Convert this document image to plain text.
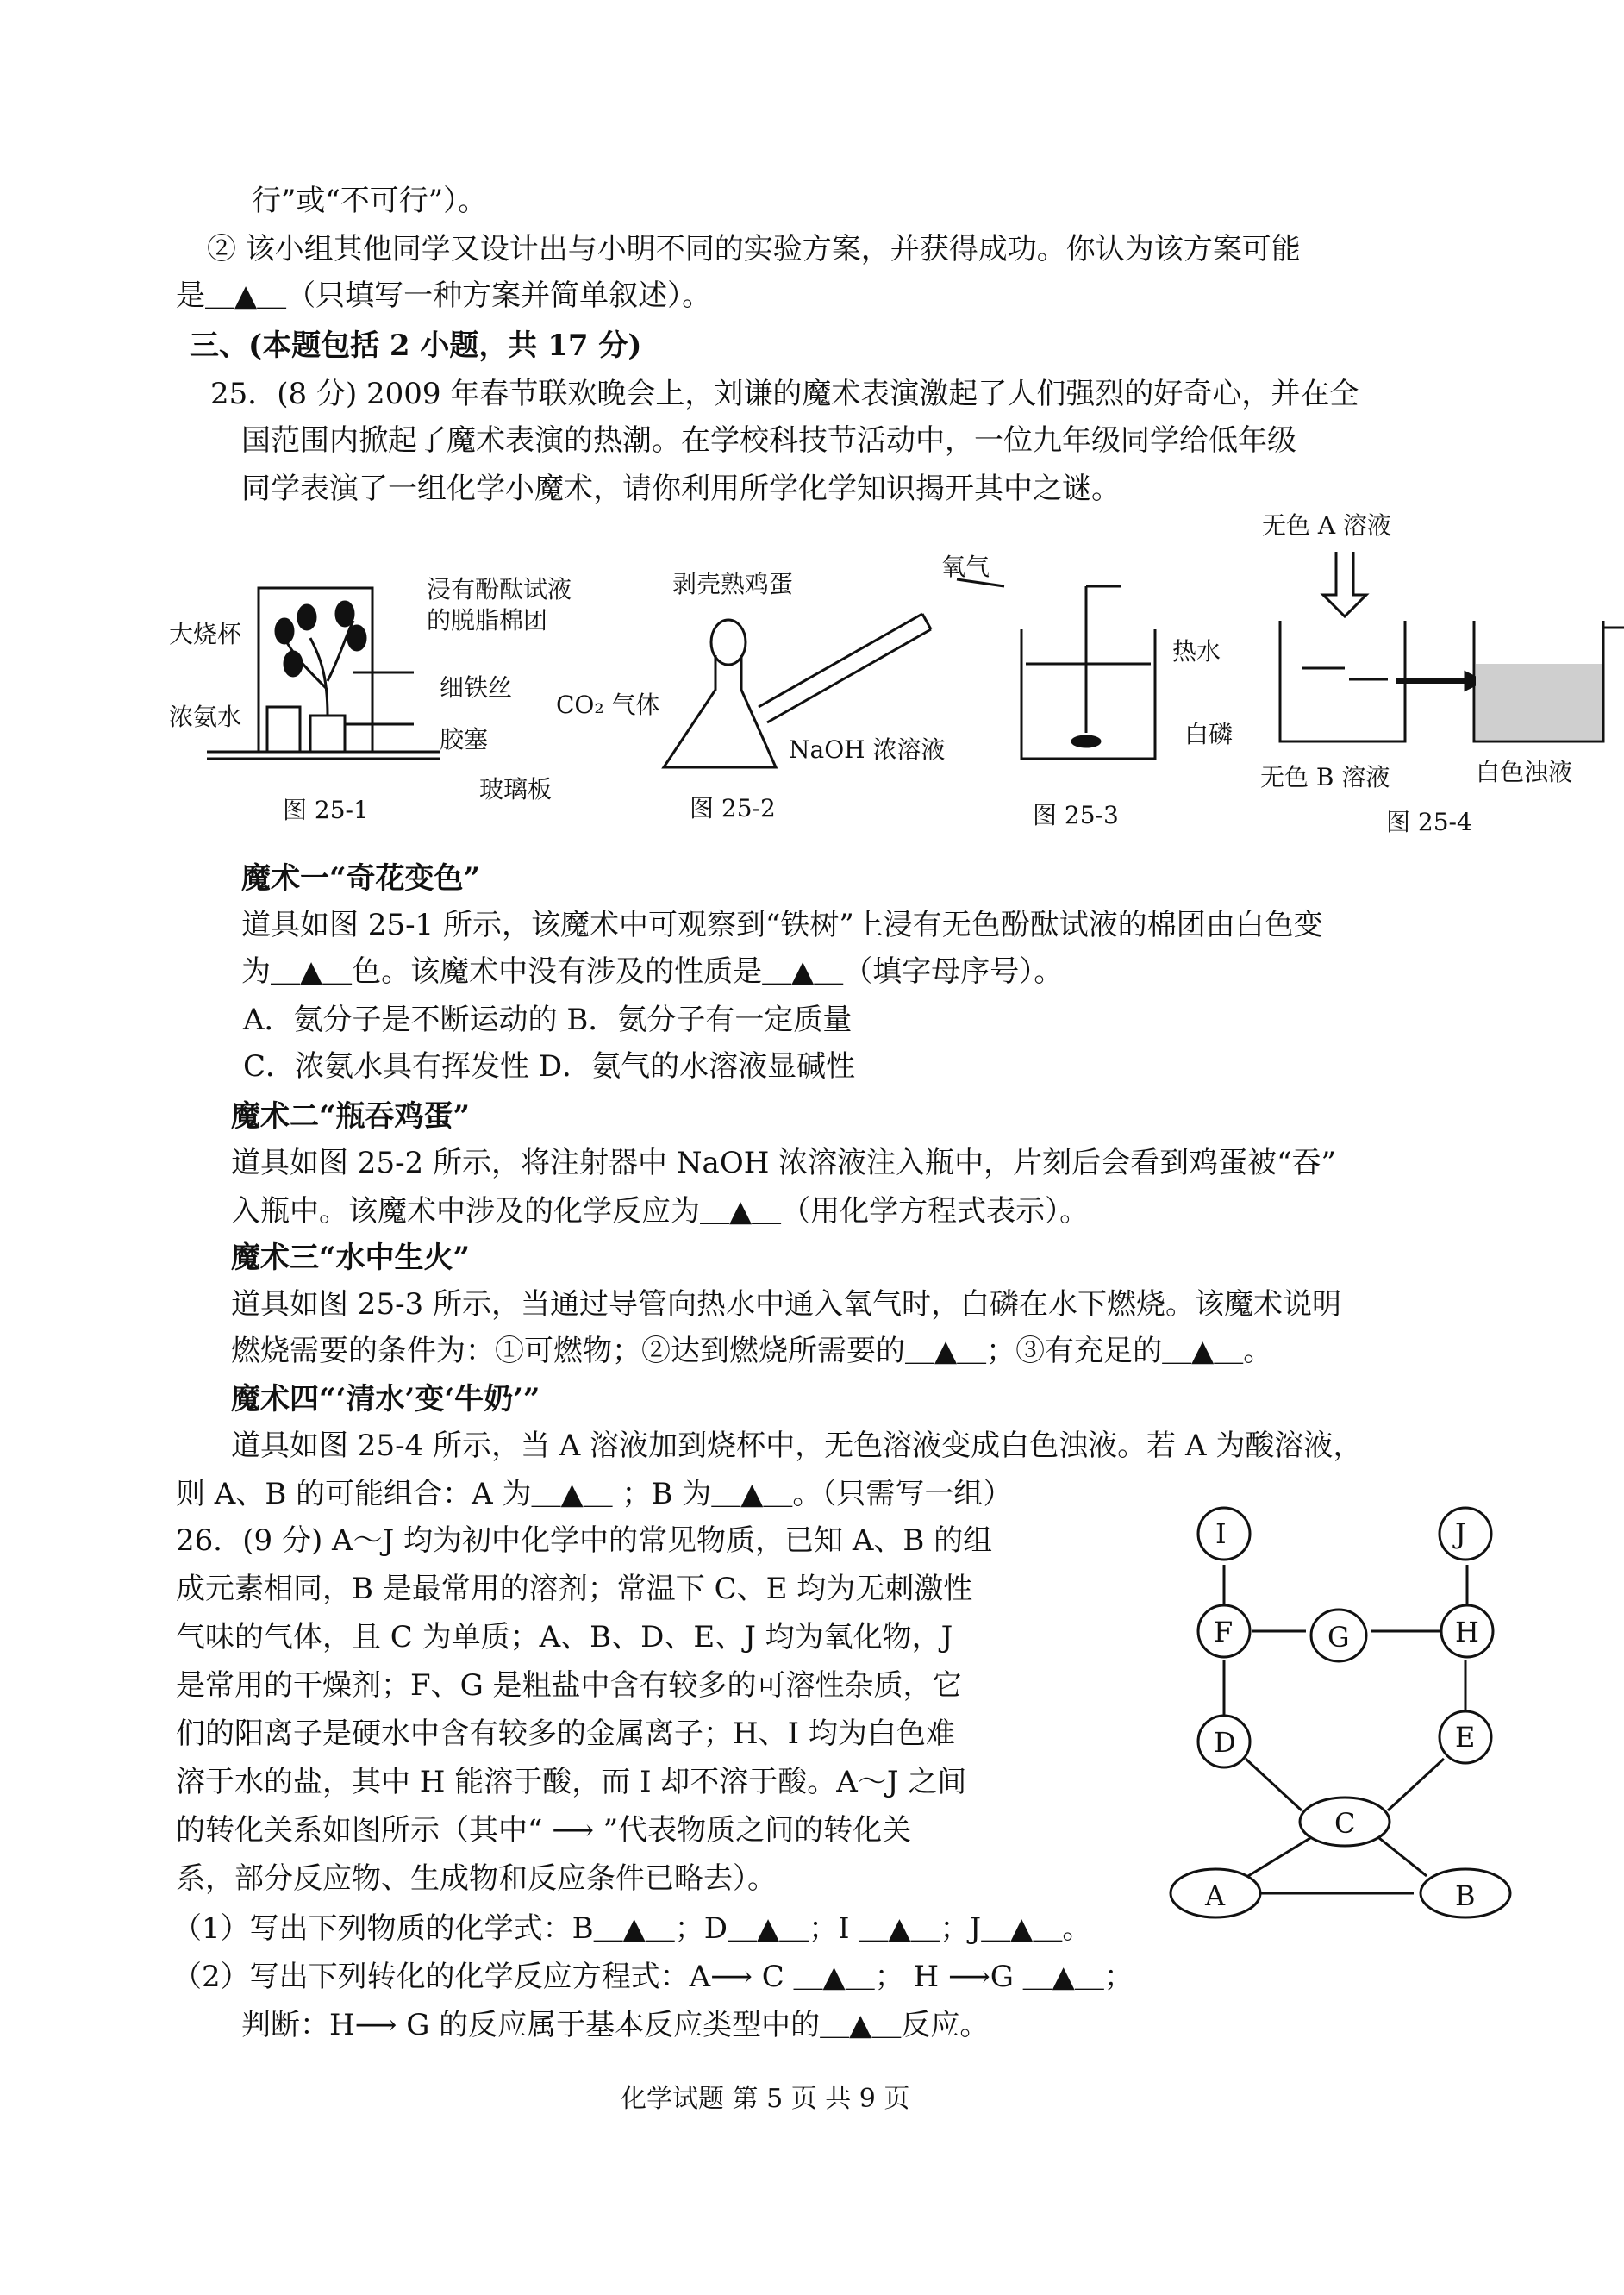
行”或“不可行”）。
② 该小组其他同学又设计出与小明不同的实验方案，并获得成功。你认为该方案可能
是＿▲＿（只填写一种方案并简单叙述）。
三、(本题包括 2 小题，共 17 分)
25．(8 分) 2009 年春节联欢晚会上，刘谦的魔术表演激起了人们强烈的好奇心，并在全
国范围内掀起了魔术表演的热潮。在学校科技节活动中，一位九年级同学给低年级
同学表演了一组化学小魔术，请你利用所学化学知识揭开其中之谜。
大烧杯
浸有酚酞试液
的脱脂棉团
细铁丝
浓氨水
胶塞
玻璃板
图 25-1
剥壳熟鸡蛋
CO₂ 气体
NaOH 浓溶液
图 25-2
氧气
热水
白磷
图 25-3
无色 A 溶液
无色 B 溶液	白色浊液
图 25-4
魔术一“奇花变色”
道具如图 25-1 所示，该魔术中可观察到“铁树”上浸有无色酚酞试液的棉团由白色变
为＿▲＿色。该魔术中没有涉及的性质是＿▲＿（填字母序号）。
A．氨分子是不断运动的 B．氨分子有一定质量
C．浓氨水具有挥发性 D．氨气的水溶液显碱性
魔术二“瓶吞鸡蛋”
道具如图 25-2 所示，将注射器中 NaOH 浓溶液注入瓶中，片刻后会看到鸡蛋被“吞”
入瓶中。该魔术中涉及的化学反应为＿▲＿（用化学方程式表示）。
魔术三“水中生火”
道具如图 25-3 所示，当通过导管向热水中通入氧气时，白磷在水下燃烧。该魔术说明
燃烧需要的条件为：①可燃物；②达到燃烧所需要的＿▲＿；③有充足的＿▲＿。
魔术四“‘清水’变‘牛奶’”
道具如图 25-4 所示，当 A 溶液加到烧杯中，无色溶液变成白色浊液。若 A 为酸溶液，
则 A、B 的可能组合：A 为＿▲＿ ；B 为＿▲＿。（只需写一组）
26．(9 分) A～J 均为初中化学中的常见物质，已知 A、B 的组
成元素相同，B 是最常用的溶剂；常温下 C、E 均为无刺激性
气味的气体，且 C 为单质；A、B、D、E、J 均为氧化物，J
是常用的干燥剂；F、G 是粗盐中含有较多的可溶性杂质，它
们的阳离子是硬水中含有较多的金属离子；H、I 均为白色难
溶于水的盐，其中 H 能溶于酸，而 I 却不溶于酸。A～J 之间
的转化关系如图所示（其中“ ⟶ ”代表物质之间的转化关
系，部分反应物、生成物和反应条件已略去）。
（1）写出下列物质的化学式：B＿▲＿；D＿▲＿；I ＿▲＿；J＿▲＿。
（2）写出下列转化的化学反应方程式：A⟶ C ＿▲＿； H ⟶G ＿▲＿；
判断：H⟶ G 的反应属于基本反应类型中的＿▲＿反应。
I	J
F	G	H
D	E
C
A	B
化学试题 第 5 页 共 9 页
